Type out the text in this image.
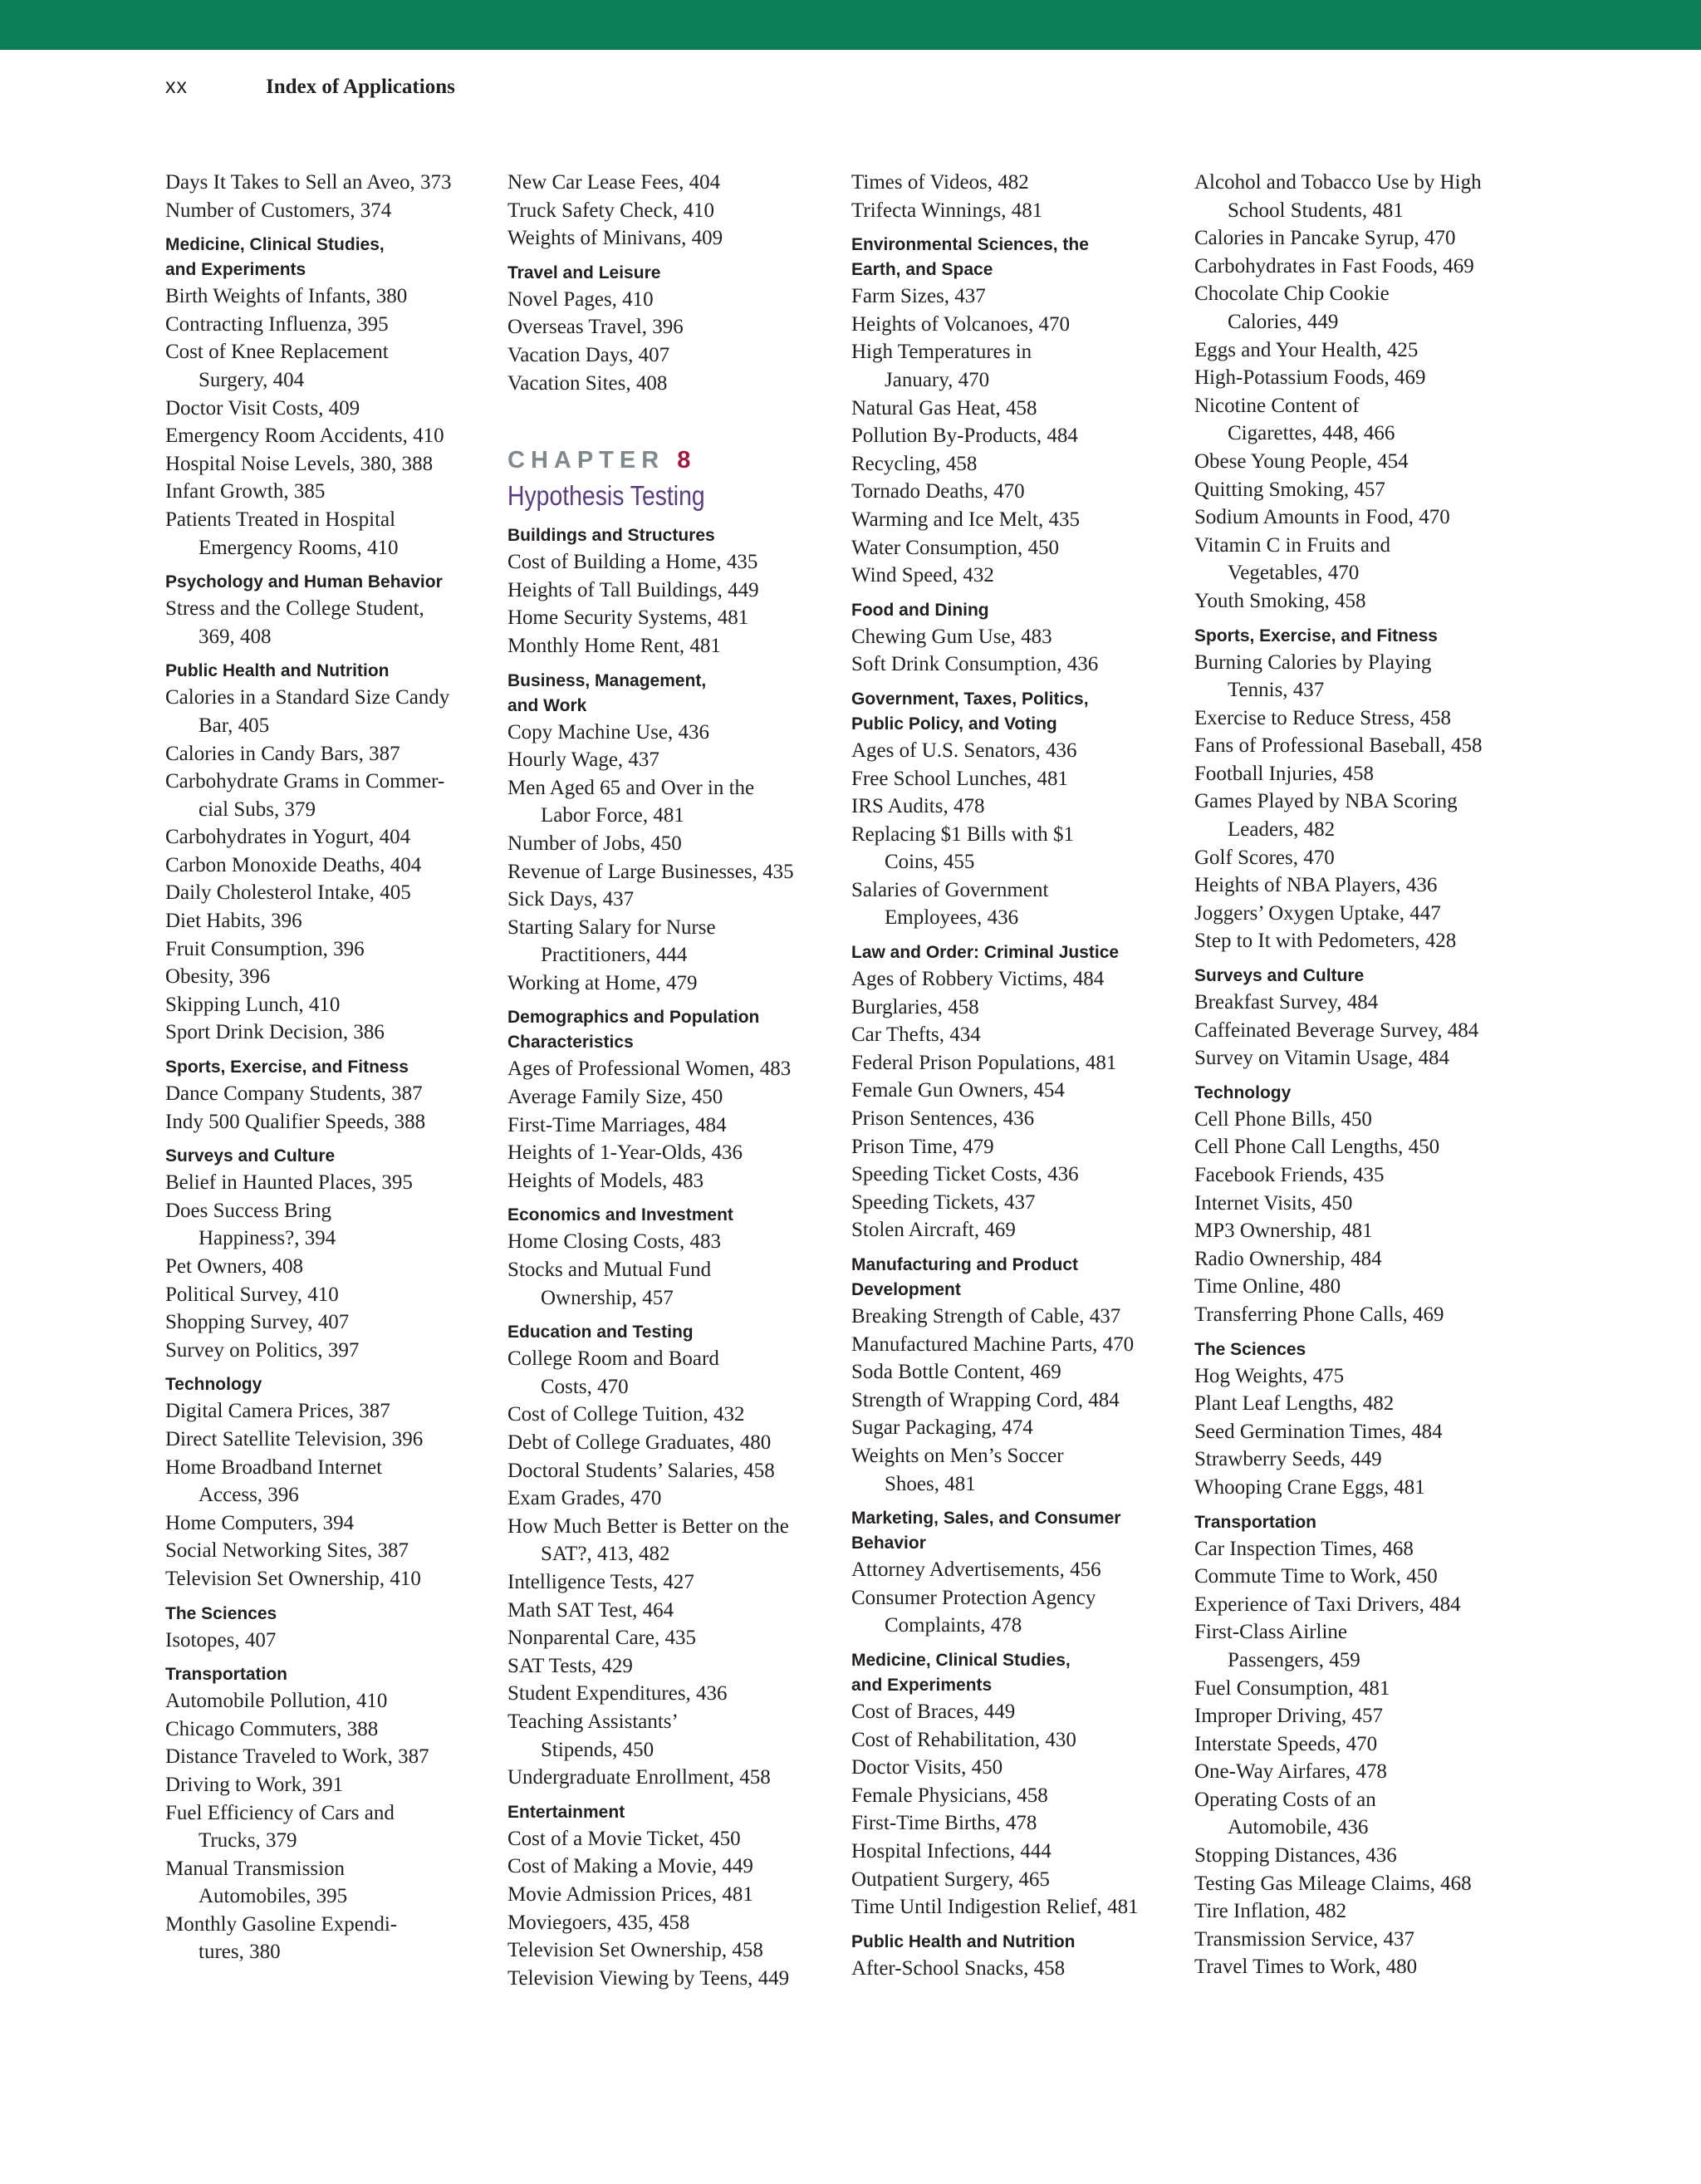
xx	Index of Applications
Days It Takes to Sell an Aveo, 373
Number of Customers, 374
Medicine, Clinical Studies,
and Experiments
Birth Weights of Infants, 380
Contracting Influenza, 395
Cost of Knee Replacement
Surgery, 404
Doctor Visit Costs, 409
Emergency Room Accidents, 410
Hospital Noise Levels, 380, 388
Infant Growth, 385
Patients Treated in Hospital
Emergency Rooms, 410
Psychology and Human Behavior
Stress and the College Student,
369, 408
Public Health and Nutrition
Calories in a Standard Size Candy
Bar, 405
Calories in Candy Bars, 387
Carbohydrate Grams in Commer-
cial Subs, 379
Carbohydrates in Yogurt, 404
Carbon Monoxide Deaths, 404
Daily Cholesterol Intake, 405
Diet Habits, 396
Fruit Consumption, 396
Obesity, 396
Skipping Lunch, 410
Sport Drink Decision, 386
Sports, Exercise, and Fitness
Dance Company Students, 387
Indy 500 Qualifier Speeds, 388
Surveys and Culture
Belief in Haunted Places, 395
Does Success Bring
Happiness?, 394
Pet Owners, 408
Political Survey, 410
Shopping Survey, 407
Survey on Politics, 397
Technology
Digital Camera Prices, 387
Direct Satellite Television, 396
Home Broadband Internet
Access, 396
Home Computers, 394
Social Networking Sites, 387
Television Set Ownership, 410
The Sciences
Isotopes, 407
Transportation
Automobile Pollution, 410
Chicago Commuters, 388
Distance Traveled to Work, 387
Driving to Work, 391
Fuel Efficiency of Cars and
Trucks, 379
Manual Transmission
Automobiles, 395
Monthly Gasoline Expendi-
tures, 380
New Car Lease Fees, 404
Truck Safety Check, 410
Weights of Minivans, 409
Travel and Leisure
Novel Pages, 410
Overseas Travel, 396
Vacation Days, 407
Vacation Sites, 408
CHAPTER 8
Hypothesis Testing
Buildings and Structures
Cost of Building a Home, 435
Heights of Tall Buildings, 449
Home Security Systems, 481
Monthly Home Rent, 481
Business, Management,
and Work
Copy Machine Use, 436
Hourly Wage, 437
Men Aged 65 and Over in the
Labor Force, 481
Number of Jobs, 450
Revenue of Large Businesses, 435
Sick Days, 437
Starting Salary for Nurse
Practitioners, 444
Working at Home, 479
Demographics and Population
Characteristics
Ages of Professional Women, 483
Average Family Size, 450
First-Time Marriages, 484
Heights of 1-Year-Olds, 436
Heights of Models, 483
Economics and Investment
Home Closing Costs, 483
Stocks and Mutual Fund
Ownership, 457
Education and Testing
College Room and Board
Costs, 470
Cost of College Tuition, 432
Debt of College Graduates, 480
Doctoral Students’ Salaries, 458
Exam Grades, 470
How Much Better is Better on the
SAT?, 413, 482
Intelligence Tests, 427
Math SAT Test, 464
Nonparental Care, 435
SAT Tests, 429
Student Expenditures, 436
Teaching Assistants’
Stipends, 450
Undergraduate Enrollment, 458
Entertainment
Cost of a Movie Ticket, 450
Cost of Making a Movie, 449
Movie Admission Prices, 481
Moviegoers, 435, 458
Television Set Ownership, 458
Television Viewing by Teens, 449
Times of Videos, 482
Trifecta Winnings, 481
Environmental Sciences, the
Earth, and Space
Farm Sizes, 437
Heights of Volcanoes, 470
High Temperatures in
January, 470
Natural Gas Heat, 458
Pollution By-Products, 484
Recycling, 458
Tornado Deaths, 470
Warming and Ice Melt, 435
Water Consumption, 450
Wind Speed, 432
Food and Dining
Chewing Gum Use, 483
Soft Drink Consumption, 436
Government, Taxes, Politics,
Public Policy, and Voting
Ages of U.S. Senators, 436
Free School Lunches, 481
IRS Audits, 478
Replacing $1 Bills with $1
Coins, 455
Salaries of Government
Employees, 436
Law and Order: Criminal Justice
Ages of Robbery Victims, 484
Burglaries, 458
Car Thefts, 434
Federal Prison Populations, 481
Female Gun Owners, 454
Prison Sentences, 436
Prison Time, 479
Speeding Ticket Costs, 436
Speeding Tickets, 437
Stolen Aircraft, 469
Manufacturing and Product
Development
Breaking Strength of Cable, 437
Manufactured Machine Parts, 470
Soda Bottle Content, 469
Strength of Wrapping Cord, 484
Sugar Packaging, 474
Weights on Men’s Soccer
Shoes, 481
Marketing, Sales, and Consumer
Behavior
Attorney Advertisements, 456
Consumer Protection Agency
Complaints, 478
Medicine, Clinical Studies,
and Experiments
Cost of Braces, 449
Cost of Rehabilitation, 430
Doctor Visits, 450
Female Physicians, 458
First-Time Births, 478
Hospital Infections, 444
Outpatient Surgery, 465
Time Until Indigestion Relief, 481
Public Health and Nutrition
After-School Snacks, 458
Alcohol and Tobacco Use by High
School Students, 481
Calories in Pancake Syrup, 470
Carbohydrates in Fast Foods, 469
Chocolate Chip Cookie
Calories, 449
Eggs and Your Health, 425
High-Potassium Foods, 469
Nicotine Content of
Cigarettes, 448, 466
Obese Young People, 454
Quitting Smoking, 457
Sodium Amounts in Food, 470
Vitamin C in Fruits and
Vegetables, 470
Youth Smoking, 458
Sports, Exercise, and Fitness
Burning Calories by Playing
Tennis, 437
Exercise to Reduce Stress, 458
Fans of Professional Baseball, 458
Football Injuries, 458
Games Played by NBA Scoring
Leaders, 482
Golf Scores, 470
Heights of NBA Players, 436
Joggers’ Oxygen Uptake, 447
Step to It with Pedometers, 428
Surveys and Culture
Breakfast Survey, 484
Caffeinated Beverage Survey, 484
Survey on Vitamin Usage, 484
Technology
Cell Phone Bills, 450
Cell Phone Call Lengths, 450
Facebook Friends, 435
Internet Visits, 450
MP3 Ownership, 481
Radio Ownership, 484
Time Online, 480
Transferring Phone Calls, 469
The Sciences
Hog Weights, 475
Plant Leaf Lengths, 482
Seed Germination Times, 484
Strawberry Seeds, 449
Whooping Crane Eggs, 481
Transportation
Car Inspection Times, 468
Commute Time to Work, 450
Experience of Taxi Drivers, 484
First-Class Airline
Passengers, 459
Fuel Consumption, 481
Improper Driving, 457
Interstate Speeds, 470
One-Way Airfares, 478
Operating Costs of an
Automobile, 436
Stopping Distances, 436
Testing Gas Mileage Claims, 468
Tire Inflation, 482
Transmission Service, 437
Travel Times to Work, 480
